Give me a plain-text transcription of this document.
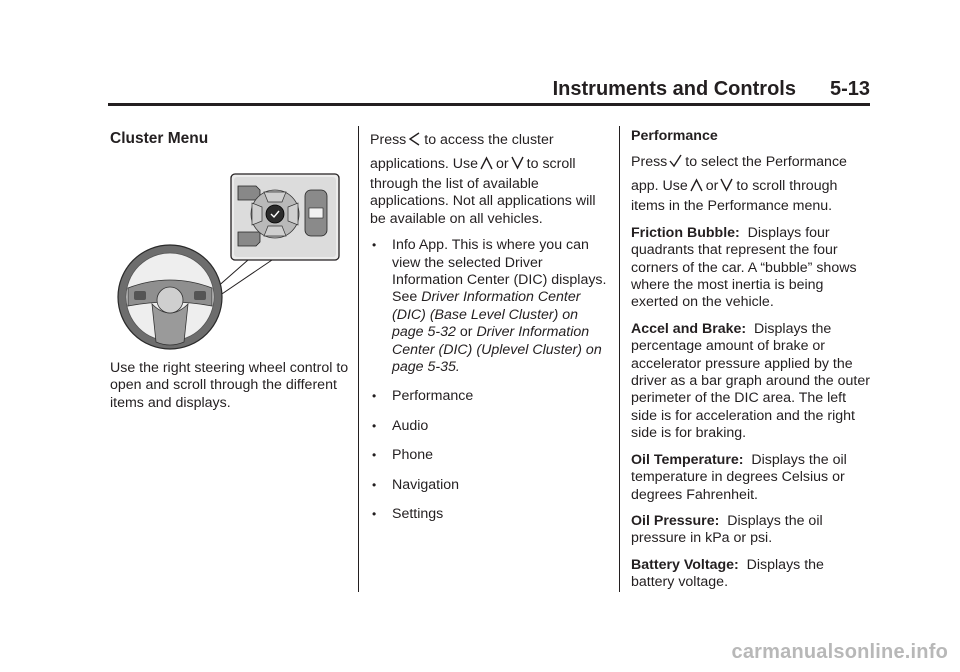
Instruments and Controls 5-13
Cluster Menu

Use the right steering wheel control to open and scroll through the different items and displays.

Press to access the cluster
applications. Use or to scroll

through the list of available applications. Not all applications will be available on all vehicles.

• Info App. This is where you can view the selected Driver Information Center (DIC) displays. See Driver Information Center (DIC) (Base Level Cluster) on page 5-32 or Driver Information Center (DIC) (Uplevel Cluster) on page 5-35.
• Performance
• Audio
• Phone
• Navigation
• Settings
Performance

Press to select the Performance
app. Use or to scroll through

items in the Performance menu.

Friction Bubble: Displays four quadrants that represent the four corners of the car. A “bubble” shows where the most inertia is being exerted on the vehicle.

Accel and Brake: Displays the percentage amount of brake or accelerator pressure applied by the driver as a bar graph around the outer perimeter of the DIC area. The left side is for acceleration and the right side is for braking.

Oil Temperature: Displays the oil temperature in degrees Celsius or degrees Fahrenheit.

Oil Pressure: Displays the oil pressure in kPa or psi.

Battery Voltage: Displays the battery voltage.

carmanualsonline.info
